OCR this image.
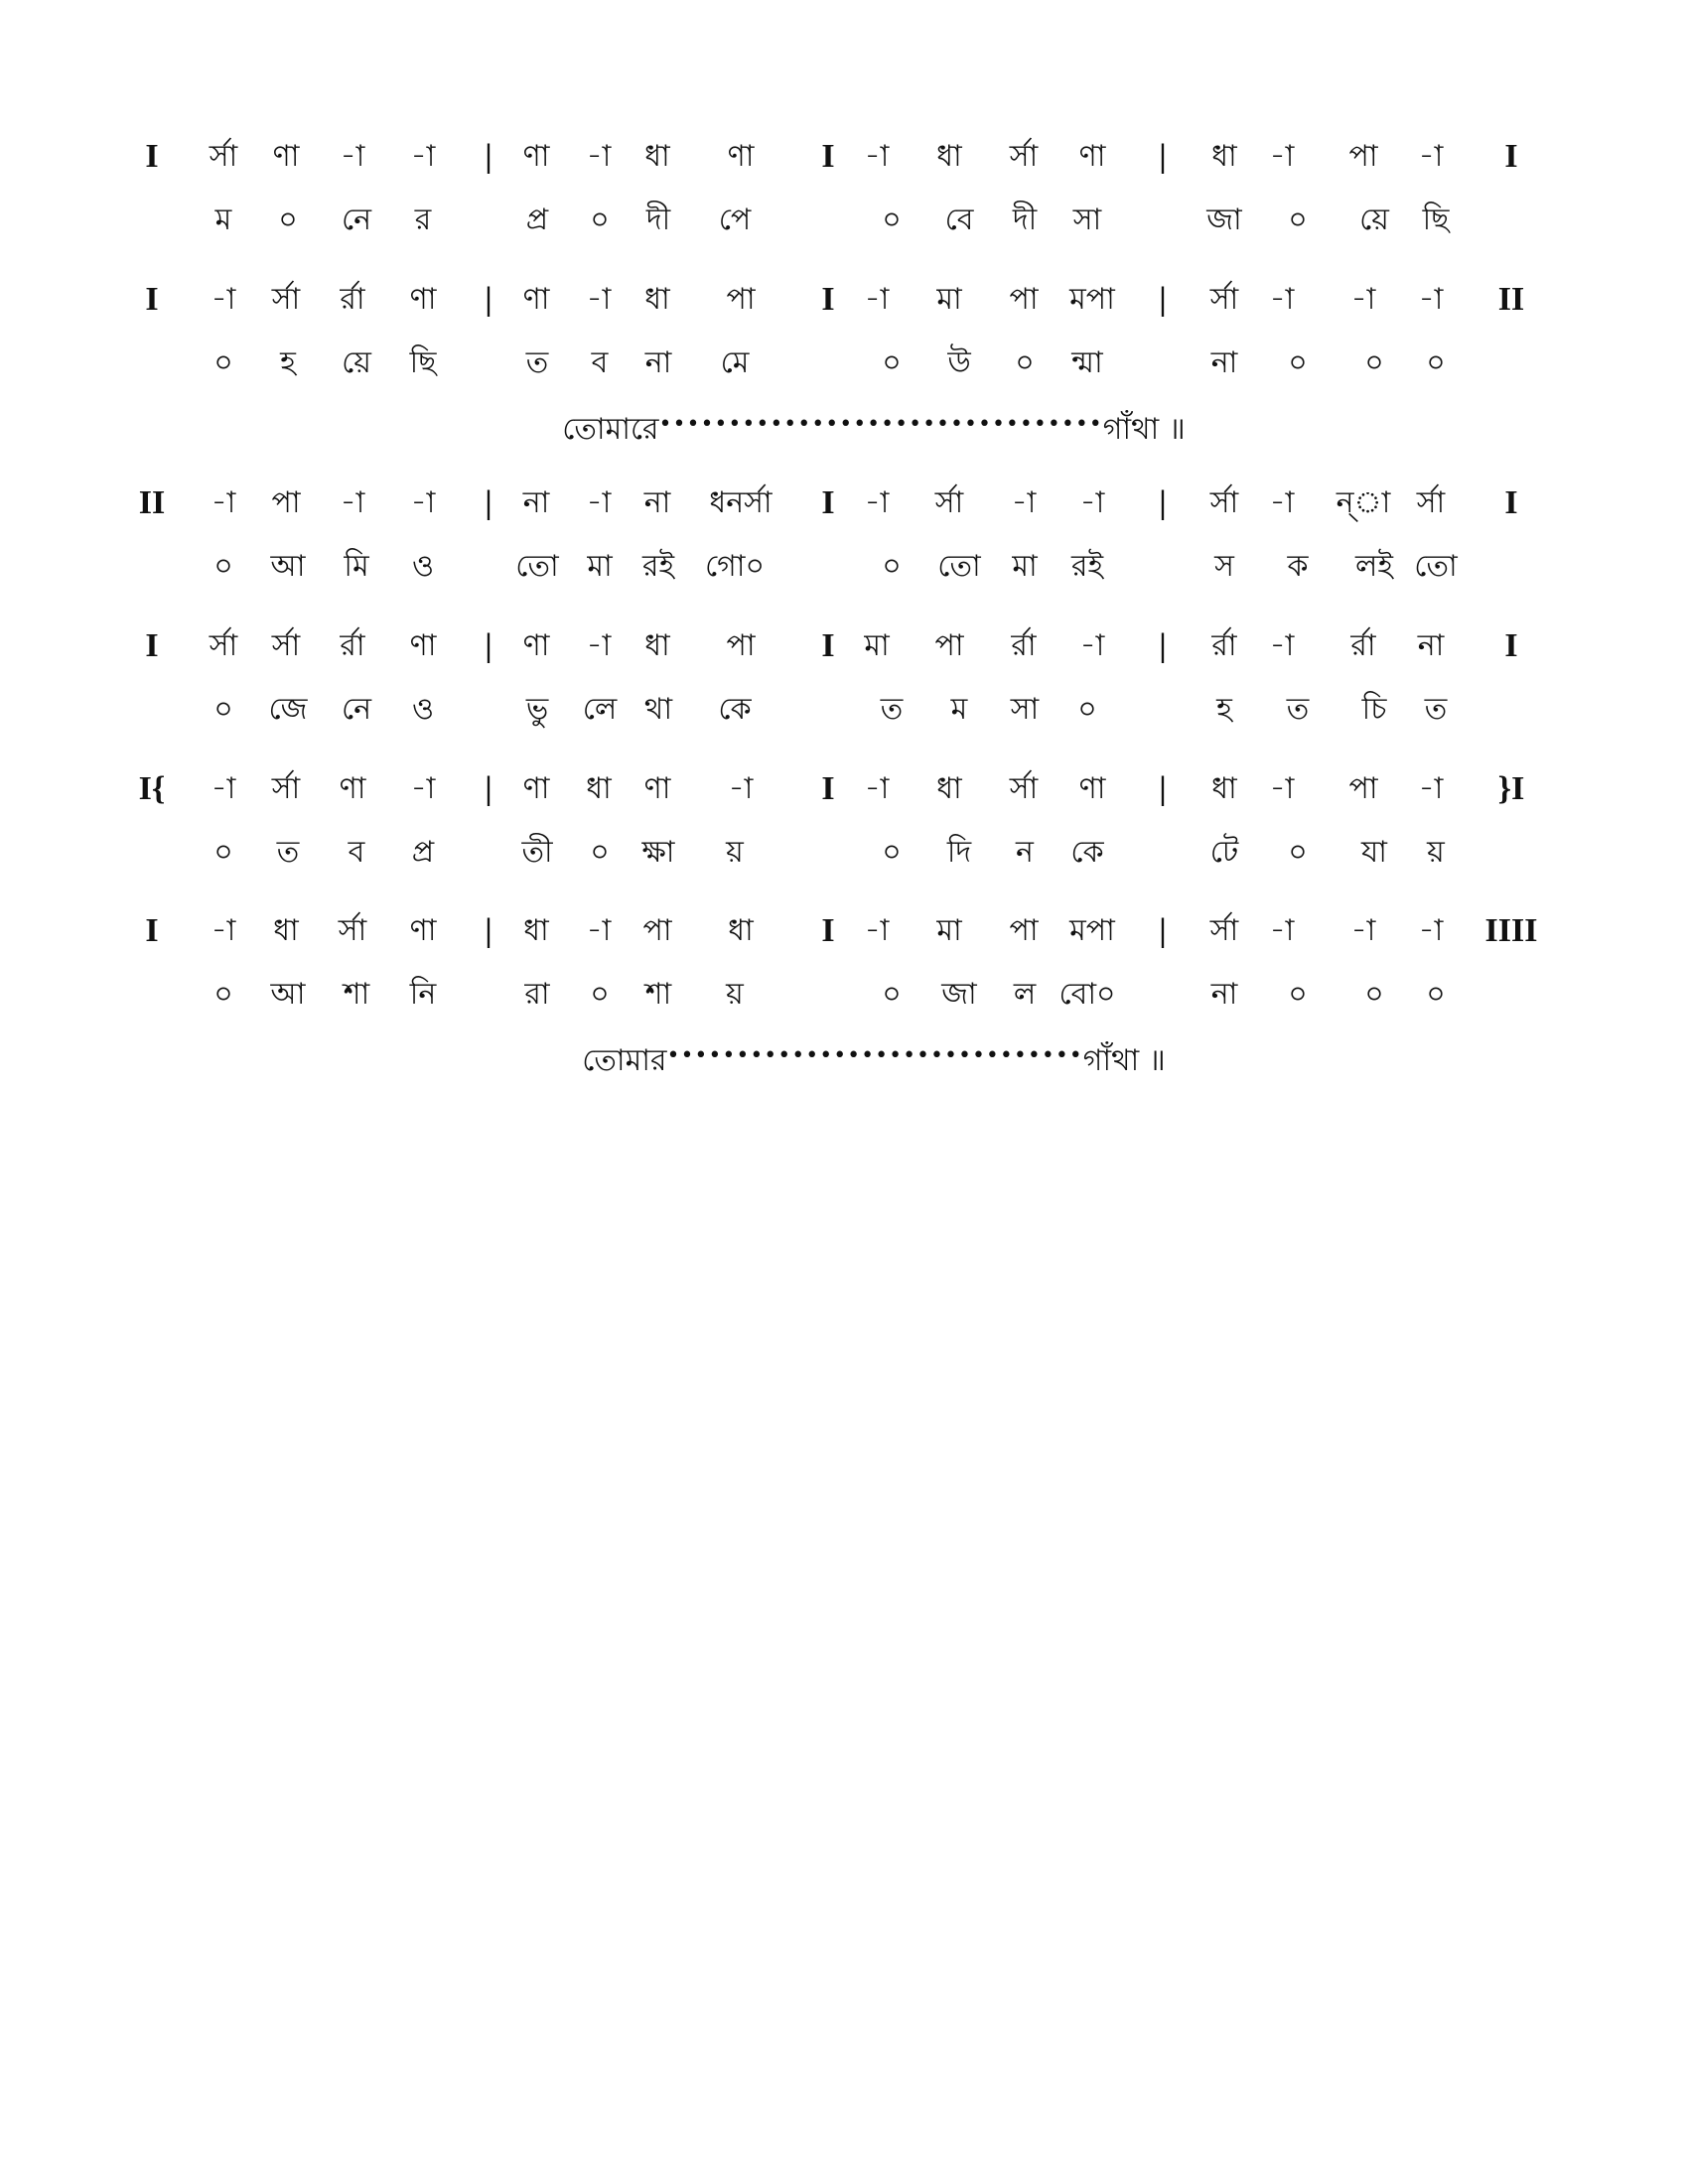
I	র্সা	ণা	-া	-া	|	ণা	-া	ধা	ণা	I	-া	ধা	র্সা	ণা	|	ধা	-া	পা	-া	I
ম	০	নে	র	প্র	০	দী	পে	০	বে	দী	সা	জা	০	য়ে	ছি
I	-া	র্সা	র্রা	ণা	|	ণা	-া	ধা	পা	I	-া	মা	পা	মপা	|	র্সা	-া	-া	-া	II
০	হ	য়ে	ছি	ত	ব	না	মে	০	উ	০	ন্মা	না	০	০	০
তোমারে••••••••••••••••••••••••••••••••গাঁথা ॥
II	-া	পা	-া	-া	|	না	-া	না	ধনর্সা	I	-া	র্সা	-া	-া	|	র্সা	-া	ন্া র্সা	I
০	আ	মি	ও	তো মা	রই	গো০	০	তো	মা	রই	স	ক	লই তো
I	র্সা	র্সা	র্রা	ণা	|	ণা	-া	ধা	পা	I মা	পা	র্রা	-া	|	র্রা	-া	র্রা	না	I
০	জে	নে	ও	ভু	লে থা	কে	ত	ম	সা	০	হ	ত	চি	ত
I{	-া	র্সা	ণা	-া	|	ণা	ধা	ণা	-া	I	-া	ধা	র্সা	ণা	|	ধা	-া	পা	-া	}I
০	ত	ব	প্র	তী	০	ক্ষা	য়	০	দি	ন	কে	টে	০	যা	য়
I	-া	ধা	র্সা	ণা	|	ধা	-া	পা	ধা	I	-া	মা	পা	মপা	|	র্সা	-া	-া	-া	IIII
০	আ	শা	নি	রা	০	শা	য়	০	জা	ল বো০	না	০	০	০
তোমার••••••••••••••••••••••••••••••গাঁথা ॥
